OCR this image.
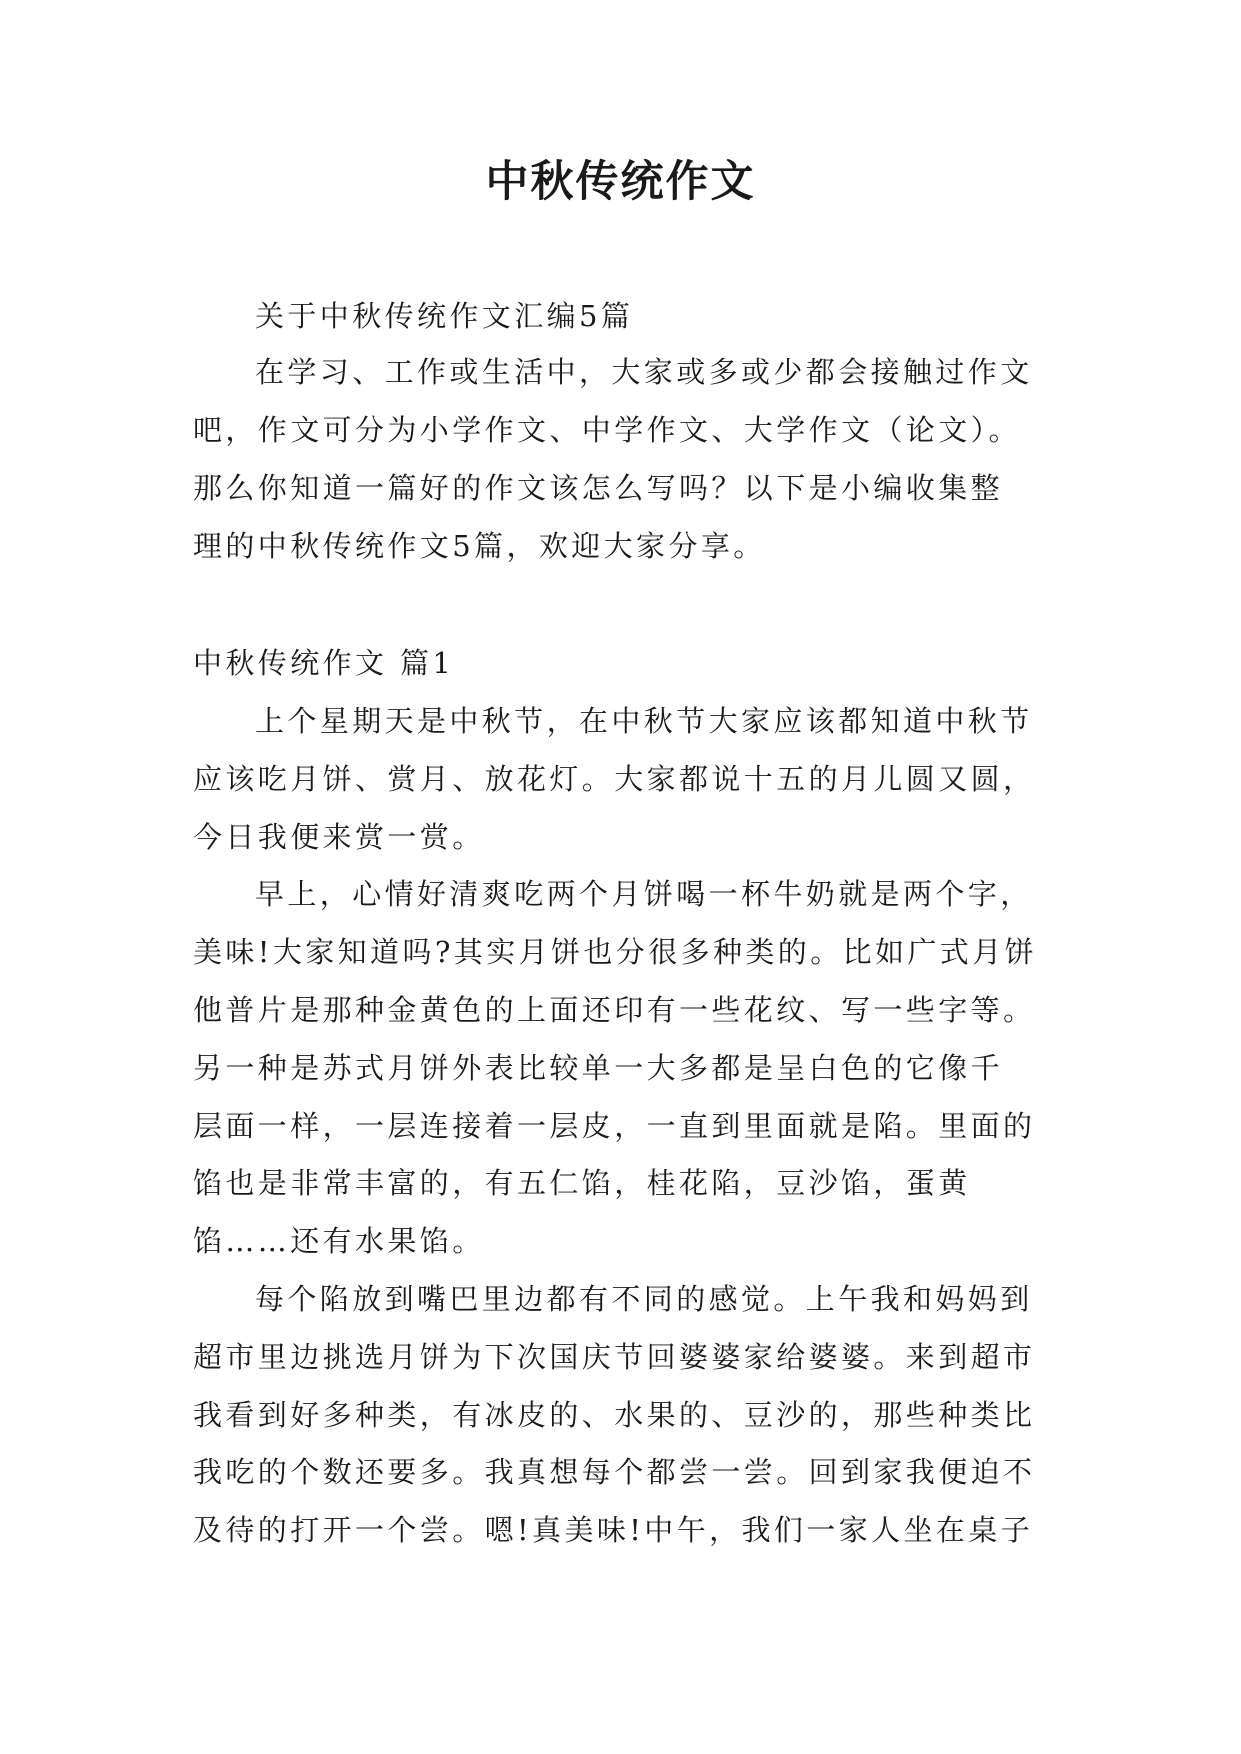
中秋传统作文
关于中秋传统作文汇编5篇
在学习、工作或生活中，大家或多或少都会接触过作文
吧，作文可分为小学作文、中学作文、大学作文（论文）。
那么你知道一篇好的作文该怎么写吗？以下是小编收集整
理的中秋传统作文5篇，欢迎大家分享。
中秋传统作文 篇1
上个星期天是中秋节，在中秋节大家应该都知道中秋节
应该吃月饼、赏月、放花灯。大家都说十五的月儿圆又圆，
今日我便来赏一赏。
早上，心情好清爽吃两个月饼喝一杯牛奶就是两个字，
美味!大家知道吗?其实月饼也分很多种类的。比如广式月饼
他普片是那种金黄色的上面还印有一些花纹、写一些字等。
另一种是苏式月饼外表比较单一大多都是呈白色的它像千
层面一样，一层连接着一层皮，一直到里面就是陷。里面的
馅也是非常丰富的，有五仁馅，桂花陷，豆沙馅，蛋黄
馅……还有水果馅。
每个陷放到嘴巴里边都有不同的感觉。上午我和妈妈到
超市里边挑选月饼为下次国庆节回婆婆家给婆婆。来到超市
我看到好多种类，有冰皮的、水果的、豆沙的，那些种类比
我吃的个数还要多。我真想每个都尝一尝。回到家我便迫不
及待的打开一个尝。嗯!真美味!中午，我们一家人坐在桌子
